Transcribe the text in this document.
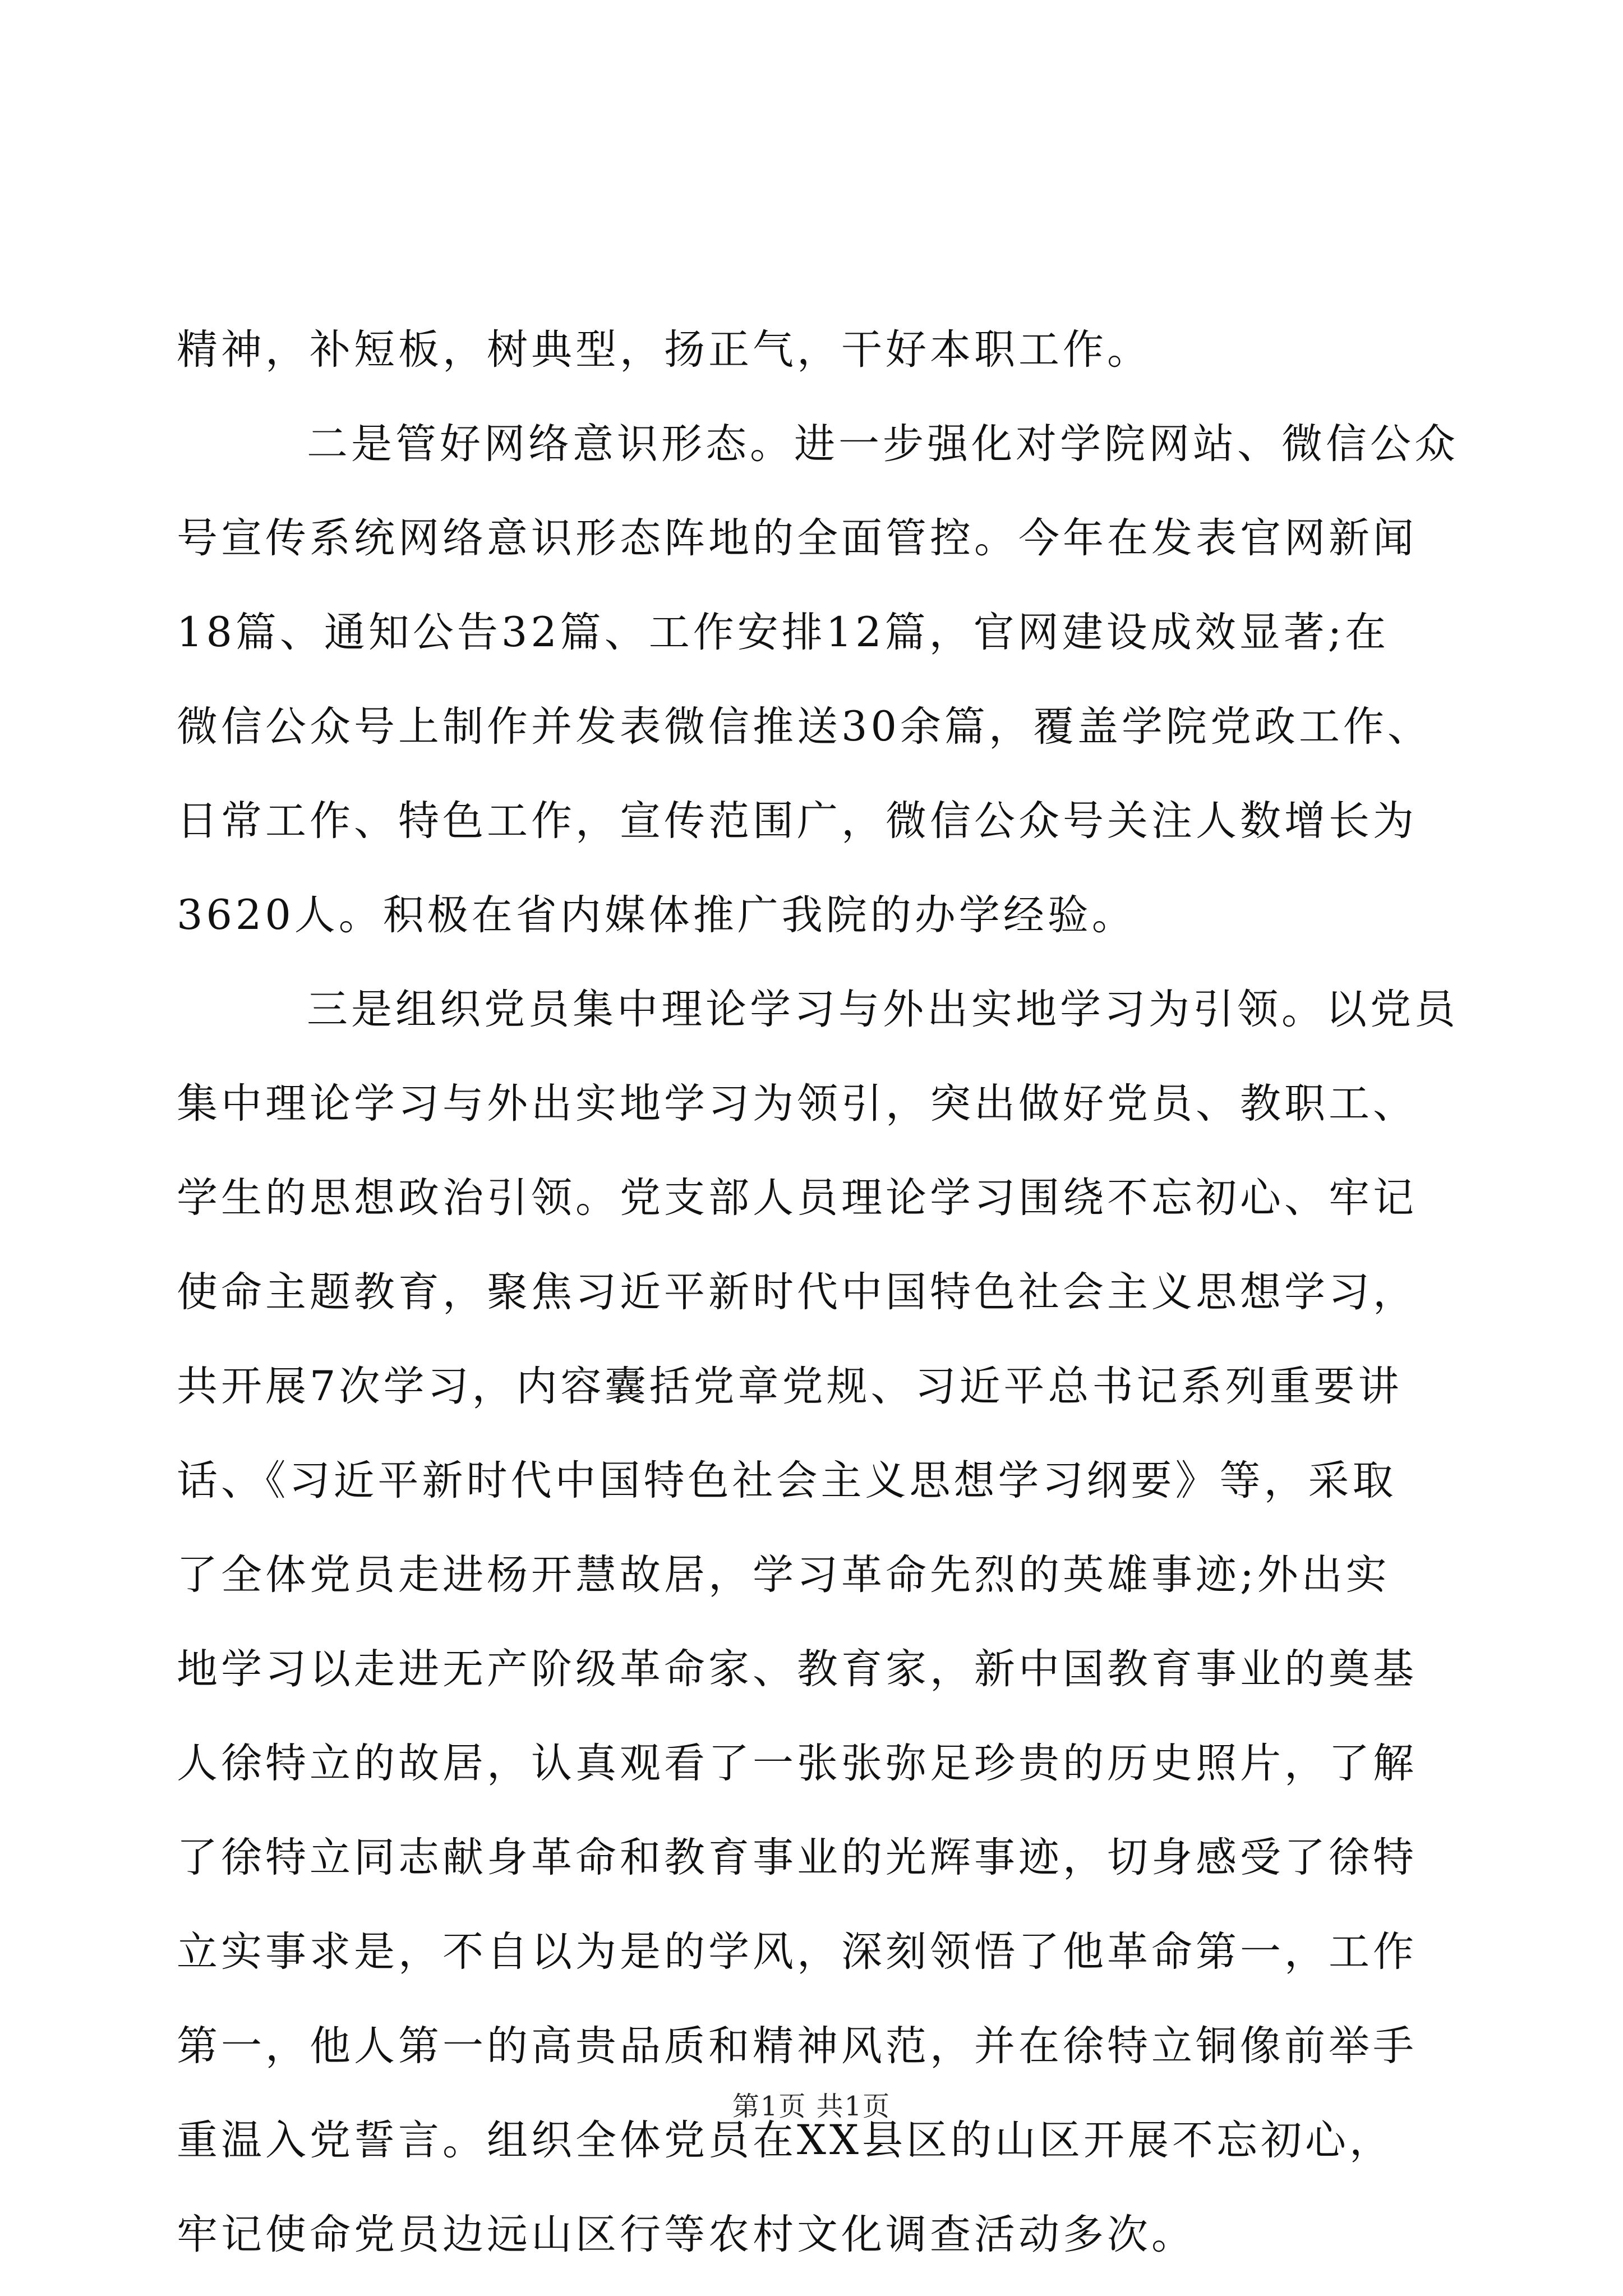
精神，补短板，树典型，扬正气，干好本职工作。
二是管好网络意识形态。进一步强化对学院网站、微信公众
号宣传系统网络意识形态阵地的全面管控。今年在发表官网新闻
18篇、通知公告32篇、工作安排12篇，官网建设成效显著;在
微信公众号上制作并发表微信推送30余篇，覆盖学院党政工作、
日常工作、特色工作，宣传范围广，微信公众号关注人数增长为
3620人。积极在省内媒体推广我院的办学经验。
三是组织党员集中理论学习与外出实地学习为引领。以党员
集中理论学习与外出实地学习为领引，突出做好党员、教职工、
学生的思想政治引领。党支部人员理论学习围绕不忘初心、牢记
使命主题教育，聚焦习近平新时代中国特色社会主义思想学习，
共开展7次学习，内容囊括党章党规、习近平总书记系列重要讲
话、《习近平新时代中国特色社会主义思想学习纲要》等，采取
了全体党员走进杨开慧故居，学习革命先烈的英雄事迹;外出实
地学习以走进无产阶级革命家、教育家，新中国教育事业的奠基
人徐特立的故居，认真观看了一张张弥足珍贵的历史照片，了解
了徐特立同志献身革命和教育事业的光辉事迹，切身感受了徐特
立实事求是，不自以为是的学风，深刻领悟了他革命第一，工作
第一，他人第一的高贵品质和精神风范，并在徐特立铜像前举手
重温入党誓言。组织全体党员在XX县区的山区开展不忘初心，
牢记使命党员边远山区行等农村文化调查活动多次。
第1页 共1页
